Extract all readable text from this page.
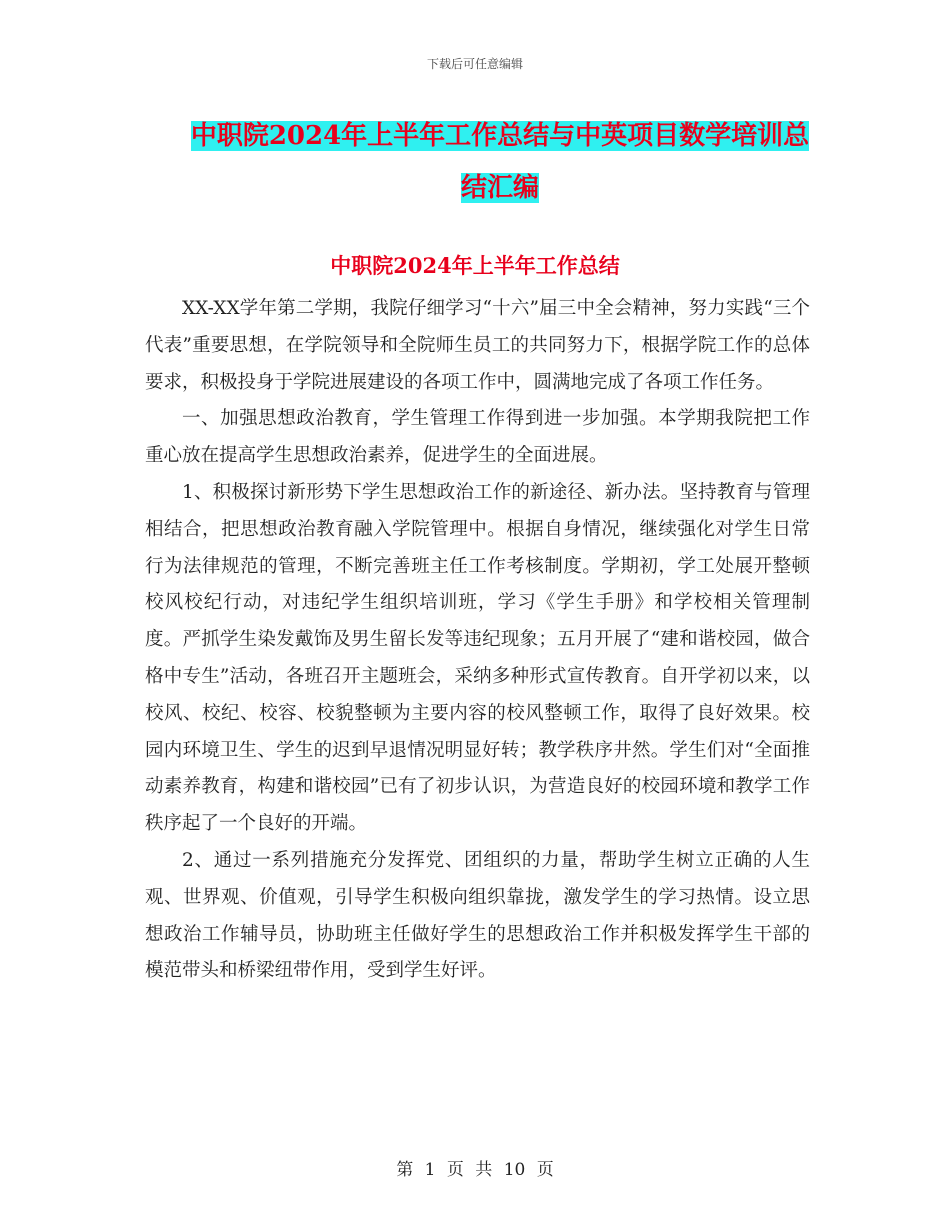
下载后可任意编辑
中职院2024年上半年工作总结与中英项目数学培训总
结汇编
中职院2024年上半年工作总结

XX-XX学年第二学期，我院仔细学习“十六”届三中全会精神，努力实践“三个代表”重要思想，在学院领导和全院师生员工的共同努力下，根据学院工作的总体要求，积极投身于学院进展建设的各项工作中，圆满地完成了各项工作任务。

一、加强思想政治教育，学生管理工作得到进一步加强。本学期我院把工作重心放在提高学生思想政治素养，促进学生的全面进展。

1、积极探讨新形势下学生思想政治工作的新途径、新办法。坚持教育与管理相结合，把思想政治教育融入学院管理中。根据自身情况，继续强化对学生日常行为法律规范的管理，不断完善班主任工作考核制度。学期初，学工处展开整顿校风校纪行动，对违纪学生组织培训班，学习《学生手册》和学校相关管理制度。严抓学生染发戴饰及男生留长发等违纪现象；五月开展了“建和谐校园，做合格中专生”活动，各班召开主题班会，采纳多种形式宣传教育。自开学初以来，以校风、校纪、校容、校貌整顿为主要内容的校风整顿工作，取得了良好效果。校园内环境卫生、学生的迟到早退情况明显好转；教学秩序井然。学生们对“全面推动素养教育，构建和谐校园”已有了初步认识，为营造良好的校园环境和教学工作秩序起了一个良好的开端。

2、通过一系列措施充分发挥党、团组织的力量，帮助学生树立正确的人生观、世界观、价值观，引导学生积极向组织靠拢，激发学生的学习热情。设立思想政治工作辅导员，协助班主任做好学生的思想政治工作并积极发挥学生干部的模范带头和桥梁纽带作用，受到学生好评。

第 1 页 共 10 页
